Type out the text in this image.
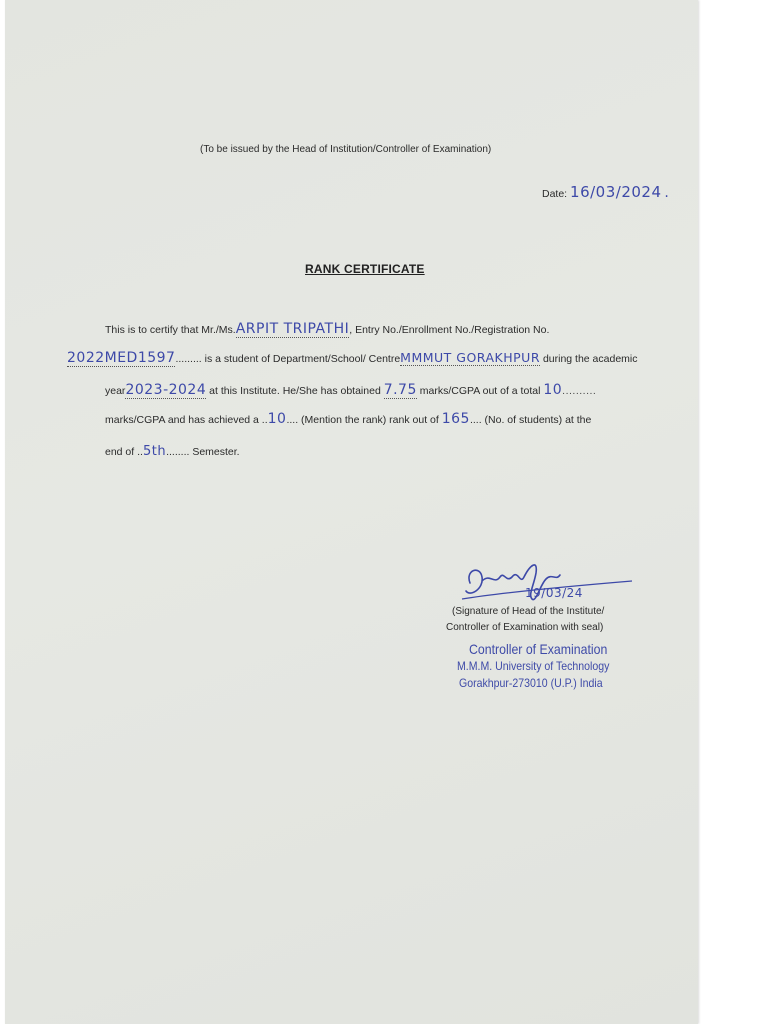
(To be issued by the Head of Institution/Controller of Examination)
Date: 16/03/2024 .
RANK CERTIFICATE
This is to certify that Mr./Ms.ARPIT TRIPATHI, Entry No./Enrollment No./Registration No.
2022MED1597......... is a student of Department/School/ CentreMMMUT GORAKHPUR during the academic
year2023-2024 at this Institute. He/She has obtained 7.75 marks/CGPA out of a total 10..........
marks/CGPA and has achieved a ..10.... (Mention the rank) rank out of 165.... (No. of students) at the
end of ..5th........ Semester.
19/03/24
(Signature of Head of the Institute/
Controller of Examination with seal)
Controller of Examination
M.M.M. University of Technology
Gorakhpur-273010 (U.P.) India
